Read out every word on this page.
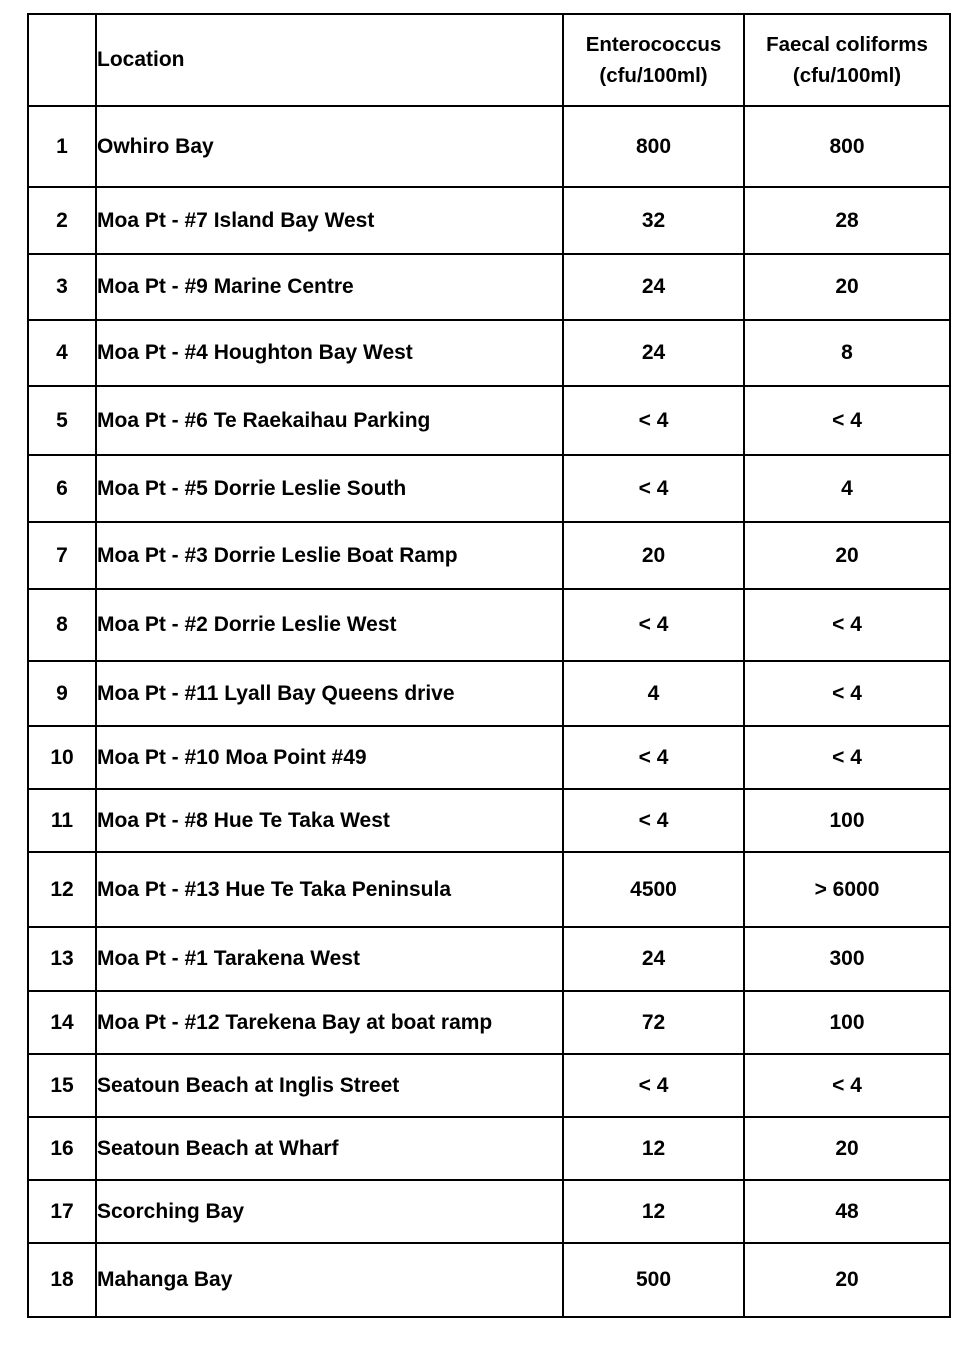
	Location	Enterococcus (cfu/100ml)	Faecal coliforms (cfu/100ml)
1	Owhiro Bay	800	800
2	Moa Pt - #7 Island Bay West	32	28
3	Moa Pt - #9 Marine Centre	24	20
4	Moa Pt - #4 Houghton Bay West	24	8
5	Moa Pt - #6 Te Raekaihau Parking	< 4	< 4
6	Moa Pt - #5 Dorrie Leslie South	< 4	4
7	Moa Pt - #3 Dorrie Leslie Boat Ramp	20	20
8	Moa Pt - #2 Dorrie Leslie West	< 4	< 4
9	Moa Pt - #11 Lyall Bay Queens drive	4	< 4
10	Moa Pt - #10 Moa Point #49	< 4	< 4
11	Moa Pt - #8 Hue Te Taka West	< 4	100
12	Moa Pt - #13 Hue Te Taka Peninsula	4500	> 6000
13	Moa Pt - #1 Tarakena West	24	300
14	Moa Pt - #12 Tarekena Bay at boat ramp	72	100
15	Seatoun Beach at Inglis Street	< 4	< 4
16	Seatoun Beach at Wharf	12	20
17	Scorching Bay	12	48
18	Mahanga Bay	500	20
